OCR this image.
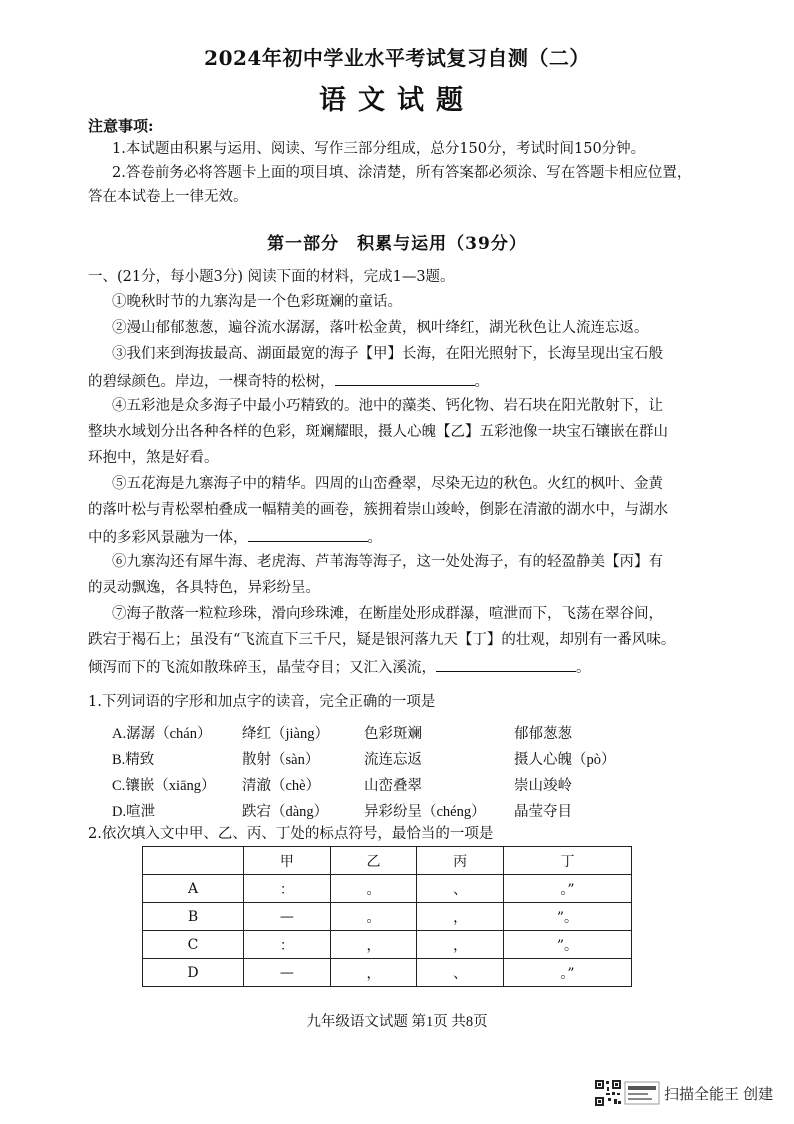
2024年初中学业水平考试复习自测（二）
语文试题
注意事项:
1.本试题由积累与运用、阅读、写作三部分组成，总分150分，考试时间150分钟。
2.答卷前务必将答题卡上面的项目填、涂清楚，所有答案都必须涂、写在答题卡相应位置，
答在本试卷上一律无效。
第一部分　积累与运用（39分）
一、(21分，每小题3分) 阅读下面的材料，完成1—3题。
①晚秋时节的九寨沟是一个色彩斑斓的童话。
②漫山郁郁葱葱，遍谷流水潺潺，落叶松金黄，枫叶绛红，湖光秋色让人流连忘返。
③我们来到海拔最高、湖面最宽的海子【甲】长海，在阳光照射下，长海呈现出宝石般
的碧绿颜色。岸边，一棵奇特的松树，	。
④五彩池是众多海子中最小巧精致的。池中的藻类、钙化物、岩石块在阳光散射下，让
整块水域划分出各种各样的色彩，斑斓耀眼，摄人心魄【乙】五彩池像一块宝石镶嵌在群山
环抱中，煞是好看。
⑤五花海是九寨海子中的精华。四周的山峦叠翠，尽染无边的秋色。火红的枫叶、金黄
的落叶松与青松翠柏叠成一幅精美的画卷，簇拥着崇山竣岭，倒影在清澈的湖水中，与湖水
中的多彩风景融为一体，	。
⑥九寨沟还有犀牛海、老虎海、芦苇海等海子，这一处处海子，有的轻盈静美【丙】有
的灵动飘逸，各具特色，异彩纷呈。
⑦海子散落一粒粒珍珠，滑向珍珠滩，在断崖处形成群瀑，喧泄而下，飞荡在翠谷间，
跌宕于褐石上；虽没有“飞流直下三千尺，疑是银河落九天【丁】的壮观，却别有一番风味。
倾泻而下的飞流如散珠碎玉，晶莹夺目；又汇入溪流，	。
1.下列词语的字形和加点字的读音，完全正确的一项是
A.潺潺（chán） 绛红（jiàng） 色彩斑斓	郁郁葱葱
B.精致	散射（sàn）	流连忘返	摄人心魄（pò）
C.镶嵌（xiāng） 清澈（chè）	山峦叠翠	崇山竣岭
D.喧泄	跌宕（dàng） 异彩纷呈（chéng） 晶莹夺目
2.依次填入文中甲、乙、丙、丁处的标点符号，最恰当的一项是
	甲	乙	丙	丁
A	：	。	、	。”
B	—	。	，	”。
C	：	，	，	”。
D	—	，	、	。”
九年级语文试题 第1页 共8页
扫描全能王 创建
